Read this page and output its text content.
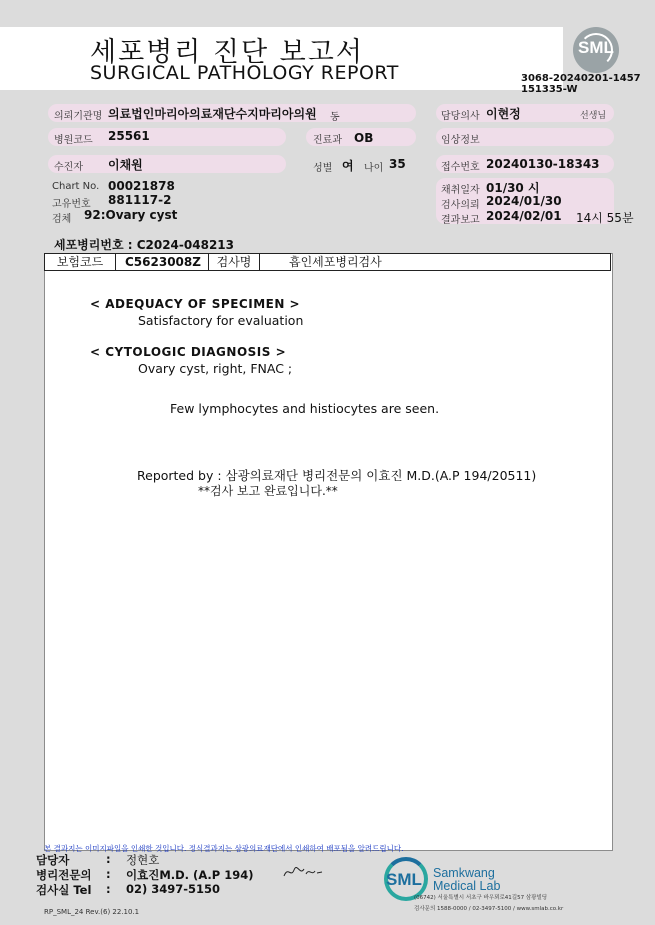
세포병리 진단 보고서
SURGICAL PATHOLOGY REPORT
SML
3068-20240201-1457
151335-W
의뢰기관명 의료법인마리아의료재단수지마리아의원 동	담당의사 이현정	선생님
병원코드 25561	진료과 OB	임상정보
수진자 이채원	성별 여 나이 35	접수번호 20240130-18343
Chart No. 00021878
고유번호 881117-2
검체 92:Ovary cyst
채취일자 01/30 시
검사의뢰 2024/01/30
결과보고 2024/02/01 14시 55분
세포병리번호 : C2024-048213
보험코드	C5623008Z	검사명	흡인세포병리검사
< ADEQUACY OF SPECIMEN >
Satisfactory for evaluation
< CYTOLOGIC DIAGNOSIS >
Ovary cyst, right, FNAC ;
Few lymphocytes and histiocytes are seen.
Reported by : 삼광의료재단 병리전문의 이효진 M.D.(A.P 194/20511)
**검사 보고 완료입니다.**
본 결과지는 이미지파일을 인쇄한 것입니다. 정식결과지는 삼광의료재단에서 인쇄하여 배포됨을 알려드립니다.
담당자	: 정현호
병리전문의 : 이효진M.D. (A.P 194)
검사실 Tel : 02) 3497-5150
RP_SML_24 Rev.(6) 22.10.1
SML Samkwang
Medical Lab
(06742) 서울특별시 서초구 바우뫼로41길57 삼광빌딩
검사문의 1588-0000 / 02-3497-5100 / www.smlab.co.kr
